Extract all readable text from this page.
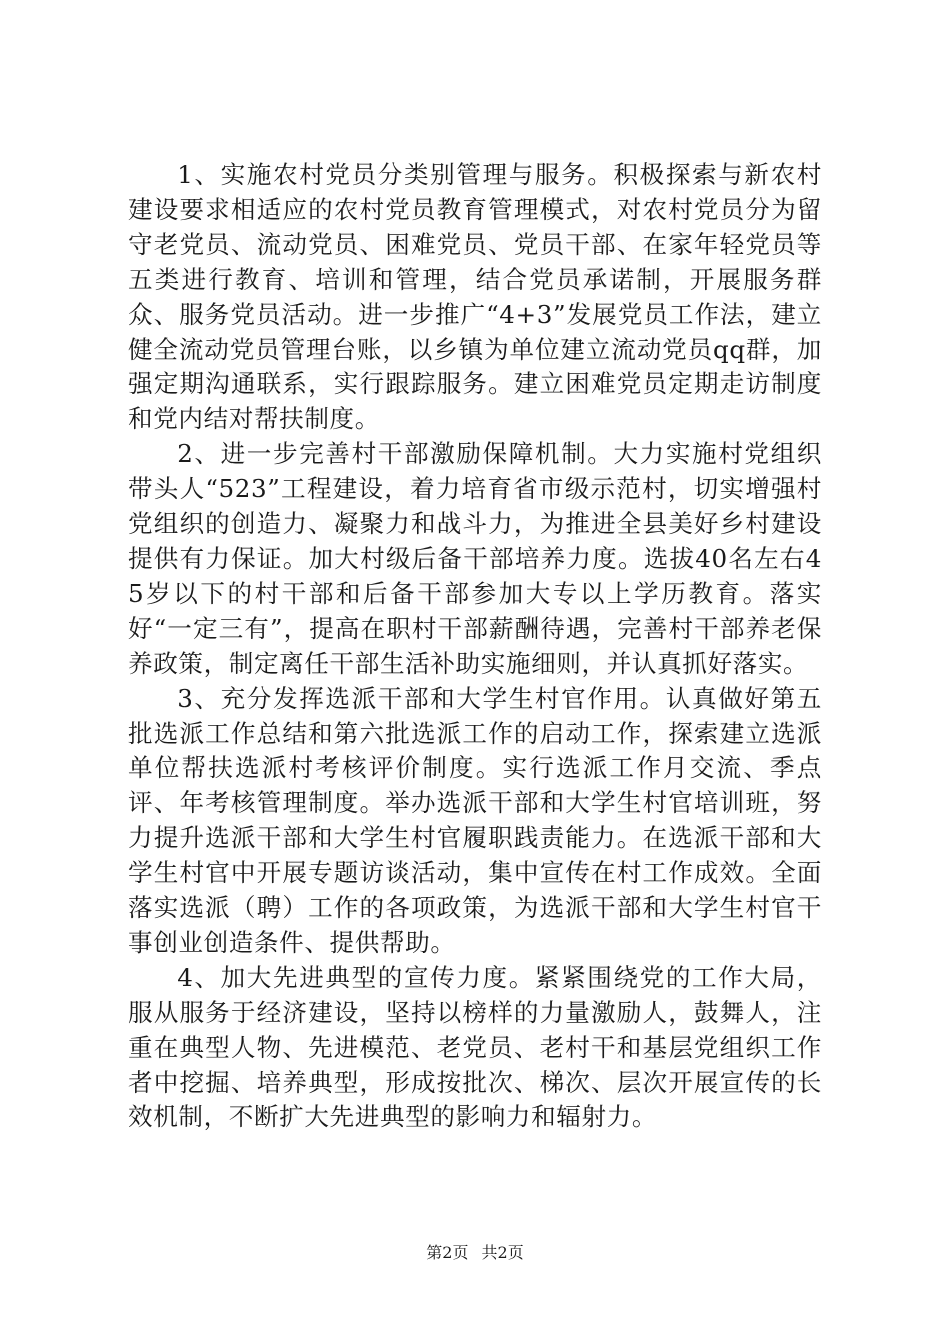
1、实施农村党员分类别管理与服务。积极探索与新农村建设要求相适应的农村党员教育管理模式，对农村党员分为留守老党员、流动党员、困难党员、党员干部、在家年轻党员等五类进行教育、培训和管理，结合党员承诺制，开展服务群众、服务党员活动。进一步推广“4+3”发展党员工作法，建立健全流动党员管理台账，以乡镇为单位建立流动党员qq群，加强定期沟通联系，实行跟踪服务。建立困难党员定期走访制度和党内结对帮扶制度。

2、进一步完善村干部激励保障机制。大力实施村党组织带头人“523”工程建设，着力培育省市级示范村，切实增强村党组织的创造力、凝聚力和战斗力，为推进全县美好乡村建设提供有力保证。加大村级后备干部培养力度。选拔40名左右45岁以下的村干部和后备干部参加大专以上学历教育。落实好“一定三有”，提高在职村干部薪酬待遇，完善村干部养老保养政策，制定离任干部生活补助实施细则，并认真抓好落实。

3、充分发挥选派干部和大学生村官作用。认真做好第五批选派工作总结和第六批选派工作的启动工作，探索建立选派单位帮扶选派村考核评价制度。实行选派工作月交流、季点评、年考核管理制度。举办选派干部和大学生村官培训班，努力提升选派干部和大学生村官履职践责能力。在选派干部和大学生村官中开展专题访谈活动，集中宣传在村工作成效。全面落实选派（聘）工作的各项政策，为选派干部和大学生村官干事创业创造条件、提供帮助。

4、加大先进典型的宣传力度。紧紧围绕党的工作大局，服从服务于经济建设，坚持以榜样的力量激励人，鼓舞人，注重在典型人物、先进模范、老党员、老村干和基层党组织工作者中挖掘、培养典型，形成按批次、梯次、层次开展宣传的长效机制，不断扩大先进典型的影响力和辐射力。

第2页 共2页
